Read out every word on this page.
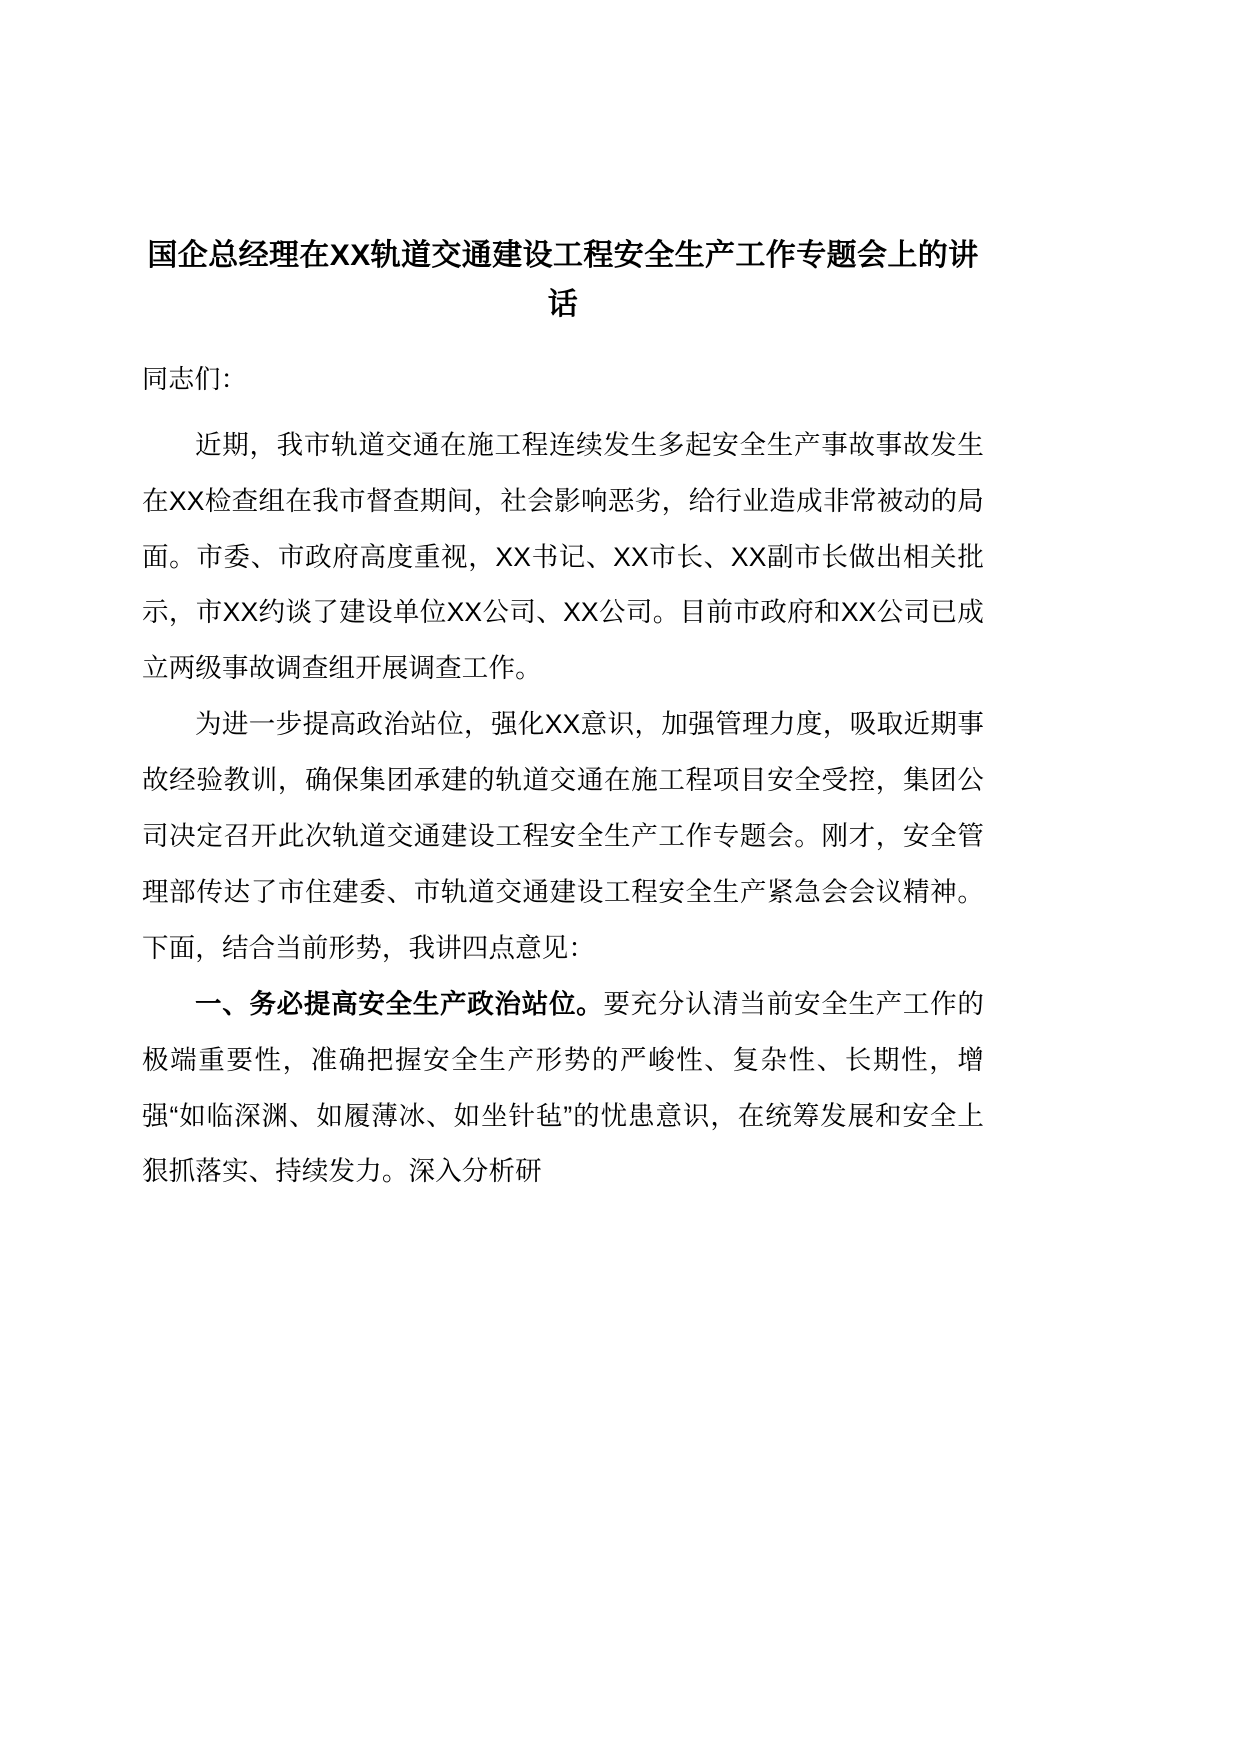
国企总经理在XX轨道交通建设工程安全生产工作专题会上的讲话

同志们：

近期，我市轨道交通在施工程连续发生多起安全生产事故事故发生在XX检查组在我市督查期间，社会影响恶劣，给行业造成非常被动的局面。市委、市政府高度重视，XX书记、XX市长、XX副市长做出相关批示，市XX约谈了建设单位XX公司、XX公司。目前市政府和XX公司已成立两级事故调查组开展调查工作。

为进一步提高政治站位，强化XX意识，加强管理力度，吸取近期事故经验教训，确保集团承建的轨道交通在施工程项目安全受控，集团公司决定召开此次轨道交通建设工程安全生产工作专题会。刚才，安全管理部传达了市住建委、市轨道交通建设工程安全生产紧急会会议精神。下面，结合当前形势，我讲四点意见：

一、务必提高安全生产政治站位。要充分认清当前安全生产工作的极端重要性，准确把握安全生产形势的严峻性、复杂性、长期性，增强“如临深渊、如履薄冰、如坐针毡”的忧患意识，在统筹发展和安全上狠抓落实、持续发力。深入分析研
